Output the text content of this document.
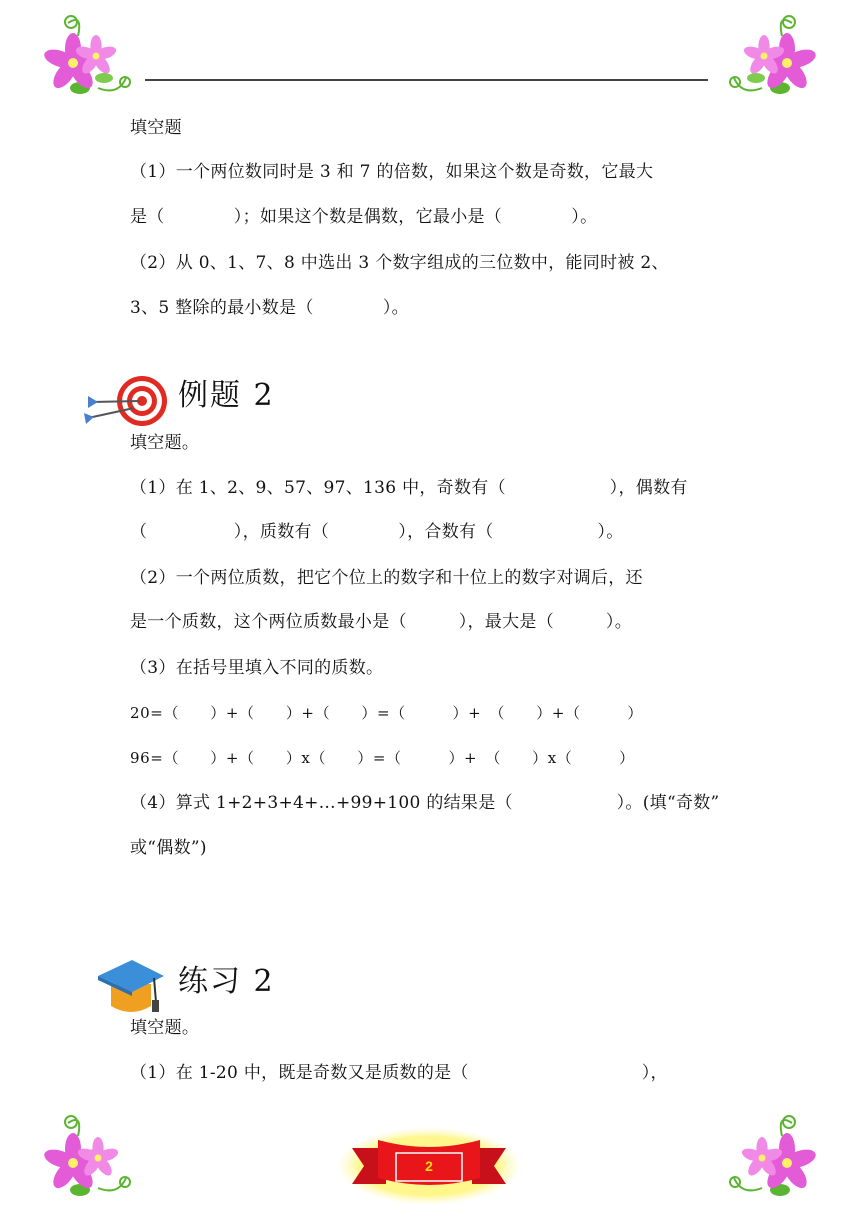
填空题
（1）一个两位数同时是 3 和 7 的倍数，如果这个数是奇数，它最大
是（　　　　）；如果这个数是偶数，它最小是（　　　　）。
（2）从 0、1、7、8 中选出 3 个数字组成的三位数中，能同时被 2、
3、5 整除的最小数是（　　　　）。
例题 2
填空题。
（1）在 1、2、9、57、97、136 中，奇数有（　　　　　　），偶数有
（　　　　　），质数有（　　　　），合数有（　　　　　　）。
（2）一个两位质数，把它个位上的数字和十位上的数字对调后，还
是一个质数，这个两位质数最小是（　　　），最大是（　　　）。
（3）在括号里填入不同的质数。
20=（　　）+（　　）+（　　）=（　　　）+　（　　）+（　　　）
96=（　　）+（　　）x（　　）=（　　　）+　（　　）x（　　　）
（4）算式 1+2+3+4+…+99+100 的结果是（　　　　　　）。(填“奇数”
或“偶数”)
练习 2
填空题。
（1）在 1-20 中，既是奇数又是质数的是（　　　　　　　　　　），
2
